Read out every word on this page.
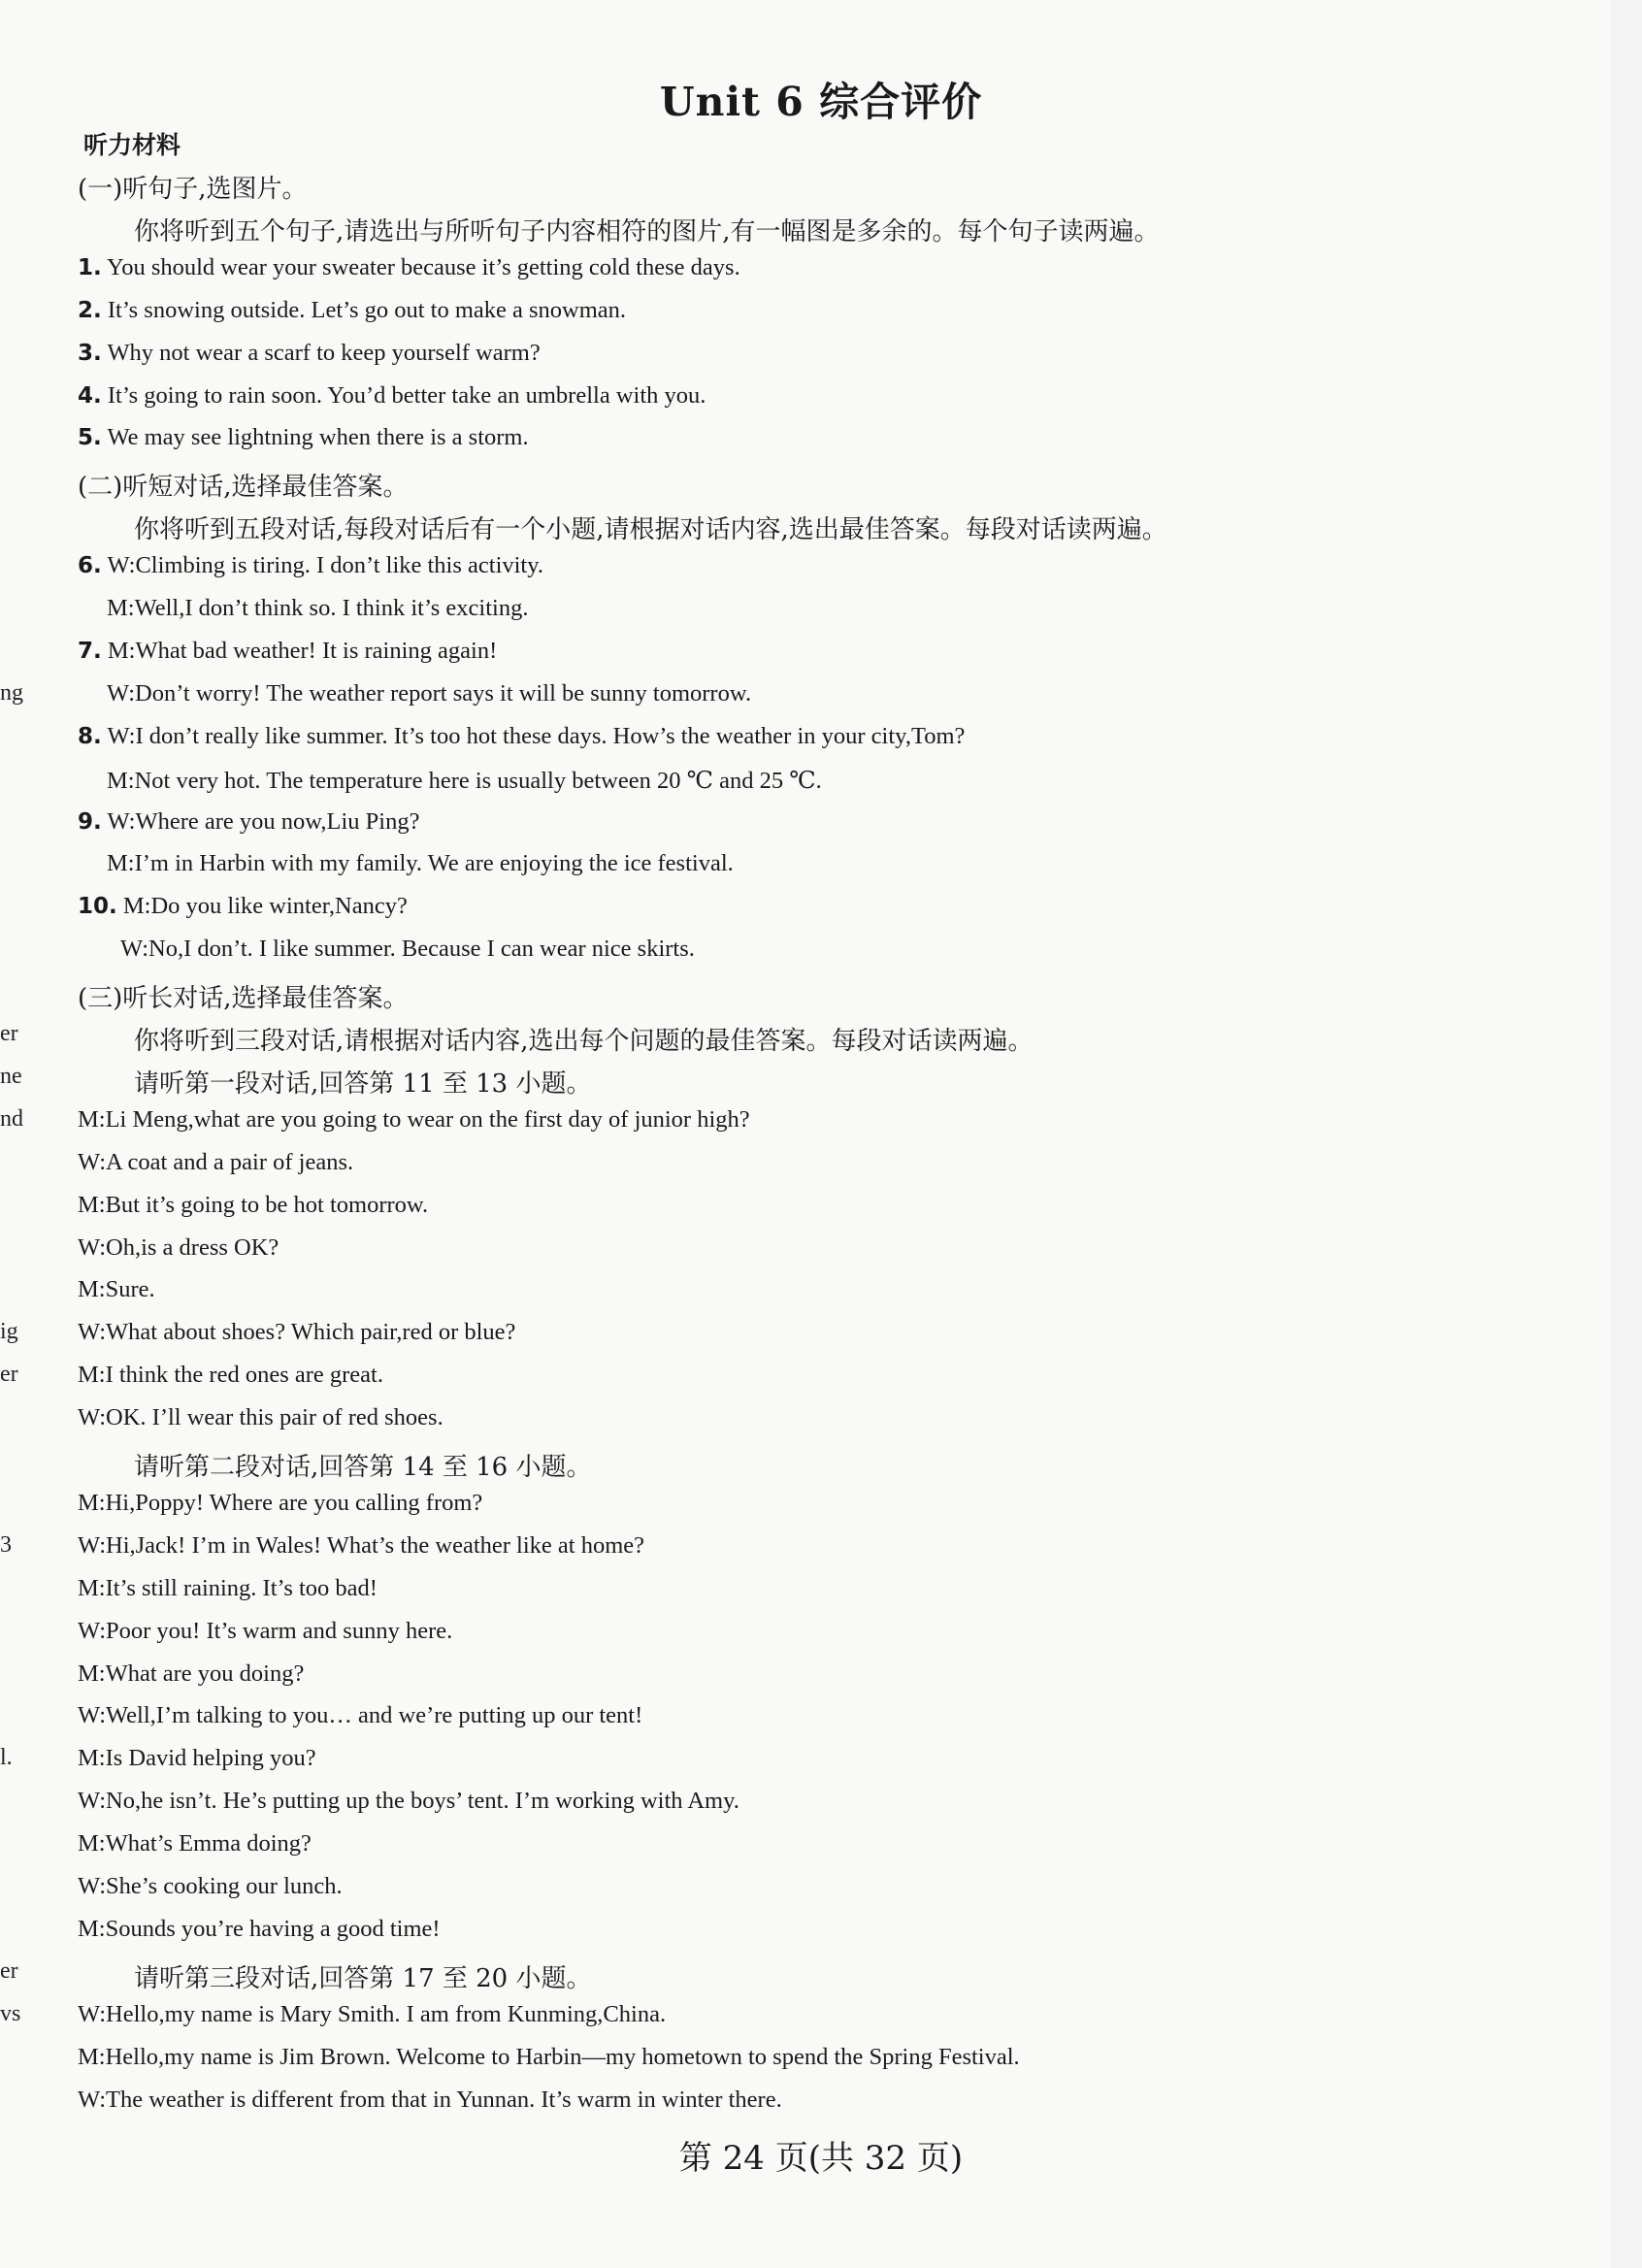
Unit 6 综合评价
听力材料
(一)听句子,选图片。
你将听到五个句子,请选出与所听句子内容相符的图片,有一幅图是多余的。每个句子读两遍。
1. You should wear your sweater because it’s getting cold these days.
2. It’s snowing outside. Let’s go out to make a snowman.
3. Why not wear a scarf to keep yourself warm?
4. It’s going to rain soon. You’d better take an umbrella with you.
5. We may see lightning when there is a storm.
(二)听短对话,选择最佳答案。
你将听到五段对话,每段对话后有一个小题,请根据对话内容,选出最佳答案。每段对话读两遍。
6. W:Climbing is tiring. I don’t like this activity.
M:Well,I don’t think so. I think it’s exciting.
7. M:What bad weather! It is raining again!
W:Don’t worry! The weather report says it will be sunny tomorrow.
8. W:I don’t really like summer. It’s too hot these days. How’s the weather in your city,Tom?
M:Not very hot. The temperature here is usually between 20 ℃ and 25 ℃.
9. W:Where are you now,Liu Ping?
M:I’m in Harbin with my family. We are enjoying the ice festival.
10. M:Do you like winter,Nancy?
W:No,I don’t. I like summer. Because I can wear nice skirts.
(三)听长对话,选择最佳答案。
你将听到三段对话,请根据对话内容,选出每个问题的最佳答案。每段对话读两遍。
请听第一段对话,回答第 11 至 13 小题。
M:Li Meng,what are you going to wear on the first day of junior high?
W:A coat and a pair of jeans.
M:But it’s going to be hot tomorrow.
W:Oh,is a dress OK?
M:Sure.
W:What about shoes? Which pair,red or blue?
M:I think the red ones are great.
W:OK. I’ll wear this pair of red shoes.
请听第二段对话,回答第 14 至 16 小题。
M:Hi,Poppy! Where are you calling from?
W:Hi,Jack! I’m in Wales! What’s the weather like at home?
M:It’s still raining. It’s too bad!
W:Poor you! It’s warm and sunny here.
M:What are you doing?
W:Well,I’m talking to you… and we’re putting up our tent!
M:Is David helping you?
W:No,he isn’t. He’s putting up the boys’ tent. I’m working with Amy.
M:What’s Emma doing?
W:She’s cooking our lunch.
M:Sounds you’re having a good time!
请听第三段对话,回答第 17 至 20 小题。
W:Hello,my name is Mary Smith. I am from Kunming,China.
M:Hello,my name is Jim Brown. Welcome to Harbin—my hometown to spend the Spring Festival.
W:The weather is different from that in Yunnan. It’s warm in winter there.
ng
er
ne
nd
ig
er
3
l.
er
vs
第 24 页(共 32 页)
